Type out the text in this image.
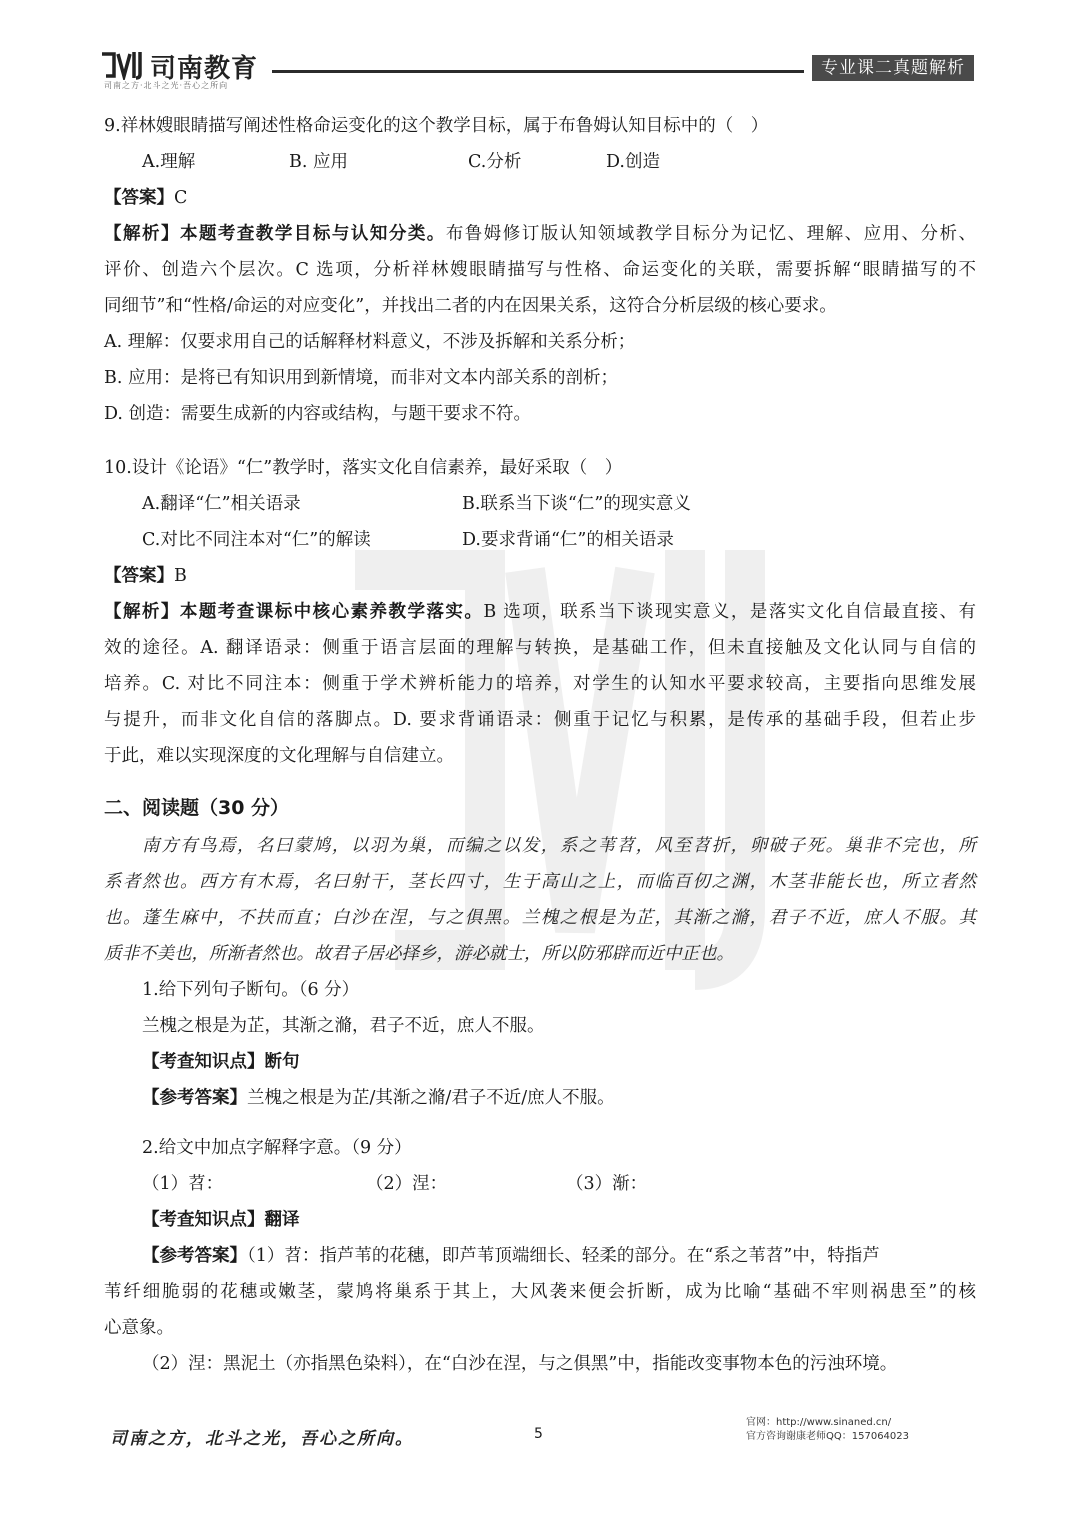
司南教育
司南之方·北斗之光·吾心之所向
专业课二真题解析
9.祥林嫂眼睛描写阐述性格命运变化的这个教学目标，属于布鲁姆认知目标中的（　）
A.理解	B. 应用	C.分析	D.创造
【答案】C
【解析】本题考查教学目标与认知分类。布鲁姆修订版认知领域教学目标分为记忆、理解、应用、分析、
评价、创造六个层次。C 选项，分析祥林嫂眼睛描写与性格、命运变化的关联，需要拆解“眼睛描写的不
同细节”和“性格/命运的对应变化”，并找出二者的内在因果关系，这符合分析层级的核心要求。
A. 理解：仅要求用自己的话解释材料意义，不涉及拆解和关系分析；
B. 应用：是将已有知识用到新情境，而非对文本内部关系的剖析；
D. 创造：需要生成新的内容或结构，与题干要求不符。
10.设计《论语》“仁”教学时，落实文化自信素养，最好采取（　）
A.翻译“仁”相关语录	B.联系当下谈“仁”的现实意义
C.对比不同注本对“仁”的解读	D.要求背诵“仁”的相关语录
【答案】B
【解析】本题考查课标中核心素养教学落实。B 选项，联系当下谈现实意义，是落实文化自信最直接、有
效的途径。A. 翻译语录：侧重于语言层面的理解与转换，是基础工作，但未直接触及文化认同与自信的
培养。C. 对比不同注本：侧重于学术辨析能力的培养，对学生的认知水平要求较高，主要指向思维发展
与提升，而非文化自信的落脚点。D. 要求背诵语录：侧重于记忆与积累，是传承的基础手段，但若止步
于此，难以实现深度的文化理解与自信建立。
二、阅读题（30 分）
南方有鸟焉，名曰蒙鸠，以羽为巢，而编之以发，系之苇苕，风至苕折，卵破子死。巢非不完也，所
系者然也。西方有木焉，名曰射干，茎长四寸，生于高山之上，而临百仞之渊，木茎非能长也，所立者然
也。蓬生麻中，不扶而直；白沙在涅，与之俱黑。兰槐之根是为芷，其渐之滫，君子不近，庶人不服。其
质非不美也，所渐者然也。故君子居必择乡，游必就士，所以防邪辟而近中正也。
1.给下列句子断句。（6 分）
兰槐之根是为芷，其渐之滫，君子不近，庶人不服。
【考查知识点】断句
【参考答案】兰槐之根是为芷/其渐之滫/君子不近/庶人不服。
2.给文中加点字解释字意。（9 分）
（1）苕：	（2）涅：	（3）渐：
【考查知识点】翻译
【参考答案】（1）苕：指芦苇的花穗，即芦苇顶端细长、轻柔的部分。在“系之苇苕”中，特指芦
苇纤细脆弱的花穗或嫩茎，蒙鸠将巢系于其上，大风袭来便会折断，成为比喻“基础不牢则祸患至”的核
心意象。
（2）涅：黑泥土（亦指黑色染料），在“白沙在涅，与之俱黑”中，指能改变事物本色的污浊环境。
司南之方，北斗之光，吾心之所向。	5
官网：http://www.sinaned.cn/
官方咨询谢康老师QQ：157064023
